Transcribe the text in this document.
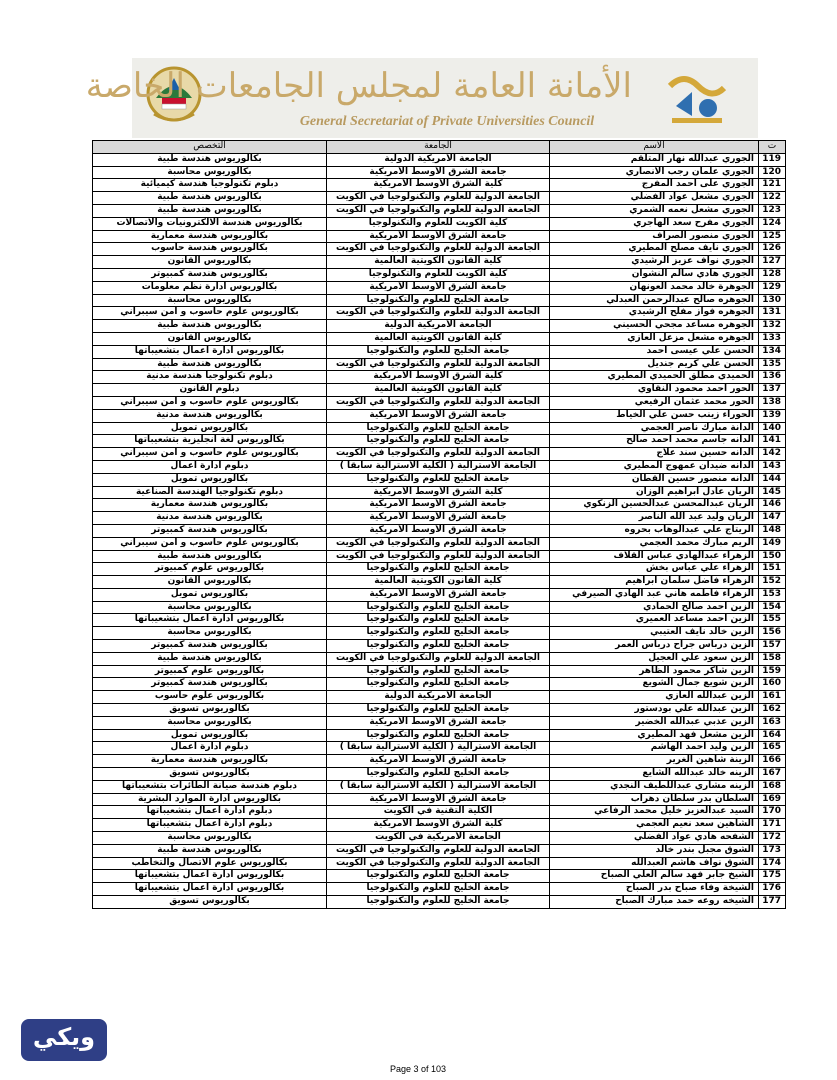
الأمانة العامة لمجلس الجامعات الخاصة
General Secretariat of Private Universities Council
ت	الاسم	الجامعة	التخصص
119	الجوري عبدالله نهار المتلقم	الجامعة الأمريكية الدولية	بكالوريوس هندسة طبية
120	الجوري علمان رجب الأنصاري	جامعة الشرق الأوسط الأمريكية	بكالوريوس محاسبة
121	الجوري على احمد المفرج	كلية الشرق الأوسط الأمريكية	دبلوم تكنولوجيا هندسة كيميائية
122	الجوري مشعل عواد الفضلي	الجامعة الدولية للعلوم والتكنولوجيا في الكويت	بكالوريوس هندسة طبية
123	الجوري مشعل نعمه الشمري	الجامعة الدولية للعلوم والتكنولوجيا في الكويت	بكالوريوس هندسة طبية
124	الجوري مفرح سعد الهاجري	كلية الكويت للعلوم والتكنولوجيا	بكالوريوس هندسة الالكترونيات والاتصالات
125	الجوري منصور الصراف	جامعة الشرق الأوسط الأمريكية	بكالوريوس هندسة معمارية
126	الجوري نايف مصلح المطيري	الجامعة الدولية للعلوم والتكنولوجيا في الكويت	بكالوريوس هندسة حاسوب
127	الجوري نواف عزيز الرشيدي	كلية القانون الكويتية العالمية	بكالوريوس القانون
128	الجوري هادي سالم النشوان	كلية الكويت للعلوم والتكنولوجيا	بكالوريوس هندسة كمبيوتر
129	الجوهرة خالد محمد العونهان	جامعة الشرق الأوسط الأمريكية	بكالوريوس ادارة نظم معلومات
130	الجوهره صالح عبدالرحمن العبدلي	جامعة الخليج للعلوم والتكنولوجيا	بكالوريوس محاسبة
131	الجوهره فواز مفلح الرشيدي	الجامعة الدولية للعلوم والتكنولوجيا في الكويت	بكالوريوس علوم حاسوب و أمن سيبراني
132	الجوهره مساعد مجحي الحسيني	الجامعة الأمريكية الدولية	بكالوريوس هندسة طبية
133	الجوهره مشعل مزعل العازي	كلية القانون الكويتية العالمية	بكالوريوس القانون
134	الحسن علي عيسى أحمد	جامعة الخليج للعلوم والتكنولوجيا	بكالوريوس ادارة اعمال بتشعيباتها
135	الحسن علي كريم جنديل	الجامعة الدولية للعلوم والتكنولوجيا في الكويت	بكالوريوس هندسة طبية
136	الحميدي مطلق الحميدي المطيري	كلية الشرق الأوسط الأمريكية	دبلوم تكنولوجيا هندسة مدنية
137	الحور أحمد محمود النقاوي	كلية القانون الكويتية العالمية	دبلوم القانون
138	الحور محمد عثمان الرفيعي	الجامعة الدولية للعلوم والتكنولوجيا في الكويت	بكالوريوس علوم حاسوب و أمن سيبراني
139	الحوراء زينب حسن علي الخياط	جامعة الشرق الأوسط الأمريكية	بكالوريوس هندسة مدنية
140	الدانة مبارك ناصر العجمي	جامعة الخليج للعلوم والتكنولوجيا	بكالوريوس تمويل
141	الدانه جاسم محمد احمد صالح	جامعة الخليج للعلوم والتكنولوجيا	بكالوريوس لغة انجليزية بتشعيباتها
142	الدانه حسين سند علاج	الجامعة الدولية للعلوم والتكنولوجيا في الكويت	بكالوريوس علوم حاسوب و أمن سيبراني
143	الدانه ضيدان عمهوج المطيري	الجامعة الأسترالية ( الكلية الأسترالية سابقا )	دبلوم ادارة اعمال
144	الدانه منصور حسين القطان	جامعة الخليج للعلوم والتكنولوجيا	بكالوريوس تمويل
145	الريان عادل ابراهيم الوزان	كلية الشرق الأوسط الأمريكية	دبلوم تكنولوجيا الهندسة الصناعية
146	الريان عبدالمحسن عبدالحسين الزنكوي	جامعة الشرق الأوسط الأمريكية	بكالوريوس هندسة معمارية
147	الريان وليد عبد الله الناصر	جامعة الشرق الأوسط الأمريكية	بكالوريوس هندسة مدنية
148	الريتاج علي عبدالوهاب بحروه	جامعة الشرق الأوسط الأمريكية	بكالوريوس هندسة كمبيوتر
149	الريم مبارك محمد العجمي	الجامعة الدولية للعلوم والتكنولوجيا في الكويت	بكالوريوس علوم حاسوب و أمن سيبراني
150	الزهراء عبدالهادي عباس القلاف	الجامعة الدولية للعلوم والتكنولوجيا في الكويت	بكالوريوس هندسة طبية
151	الزهراء علي عباس بخش	جامعة الخليج للعلوم والتكنولوجيا	بكالوريوس علوم كمبيوتر
152	الزهراء فاضل سلمان ابراهيم	كلية القانون الكويتية العالمية	بكالوريوس القانون
153	الزهراء فاطمه هاني عبد الهادي الصيرفي	جامعة الشرق الأوسط الأمريكية	بكالوريوس تمويل
154	الزين احمد صالح الحمادي	جامعة الخليج للعلوم والتكنولوجيا	بكالوريوس محاسبة
155	الزين احمد مساعد العميري	جامعة الخليج للعلوم والتكنولوجيا	بكالوريوس ادارة اعمال بتشعيباتها
156	الزين خالد نايف العتيبي	جامعة الخليج للعلوم والتكنولوجيا	بكالوريوس محاسبة
157	الزين درباس جراح درباس العمر	جامعة الخليج للعلوم والتكنولوجيا	بكالوريوس هندسة كمبيوتر
158	الزين سعود علي العجيل	الجامعة الدولية للعلوم والتكنولوجيا في الكويت	بكالوريوس هندسة طبية
159	الزين شاكر محمود الظاهر	جامعة الخليج للعلوم والتكنولوجيا	بكالوريوس علوم كمبيوتر
160	الزين شويع جمال الشويع	جامعة الخليج للعلوم والتكنولوجيا	بكالوريوس هندسة كمبيوتر
161	الزين عبدالله العازي	الجامعة الأمريكية الدولية	بكالوريوس علوم حاسوب
162	الزين عبدالله علي بودستور	جامعة الخليج للعلوم والتكنولوجيا	بكالوريوس تسويق
163	الزين عذبي عبدالله الخضير	جامعة الشرق الأوسط الأمريكية	بكالوريوس محاسبة
164	الزين مشعل فهد المطيري	جامعة الخليج للعلوم والتكنولوجيا	بكالوريوس تمويل
165	الزين وليد احمد الهاشم	الجامعة الأسترالية ( الكلية الأسترالية سابقا )	دبلوم ادارة اعمال
166	الزينة شاهين الغرير	جامعة الشرق الأوسط الأمريكية	بكالوريوس هندسة معمارية
167	الزينه خالد عبدالله الشايع	جامعة الخليج للعلوم والتكنولوجيا	بكالوريوس تسويق
168	الزينه مشاري عبداللطيف النجدي	الجامعة الأسترالية ( الكلية الأسترالية سابقا )	دبلوم هندسة صيانة الطائرات بتشعيباتها
169	السلطان بدر سلطان دهراب	جامعة الشرق الأوسط الأمريكية	بكالوريوس ادارة الموارد البشرية
170	السيد عبدالعزيز خليل محمد الرفاعي	الكلية التقنية في الكويت	دبلوم ادارة اعمال بتشعيباتها
171	الشاهين سعد نعيم العجمي	كلية الشرق الأوسط الأمريكية	دبلوم ادارة اعمال بتشعيباتها
172	الشفحه هادي عواد الفضلي	الجامعة الأمريكية في الكويت	بكالوريوس محاسبة
173	الشوق مجبل بندر خالد	الجامعة الدولية للعلوم والتكنولوجيا في الكويت	بكالوريوس هندسة طبية
174	الشوق نواف هاشم العبدالله	الجامعة الدولية للعلوم والتكنولوجيا في الكويت	بكالوريوس علوم الاتصال والتخاطب
175	الشيخ جابر فهد سالم العلي الصباح	جامعة الخليج للعلوم والتكنولوجيا	بكالوريوس ادارة اعمال بتشعيباتها
176	الشيخة وفاء صباح بدر الصباح	جامعة الخليج للعلوم والتكنولوجيا	بكالوريوس ادارة اعمال بتشعيباتها
177	الشيخه روعه حمد مبارك الصباح	جامعة الخليج للعلوم والتكنولوجيا	بكالوريوس تسويق
ويكي
Page 3 of 103
